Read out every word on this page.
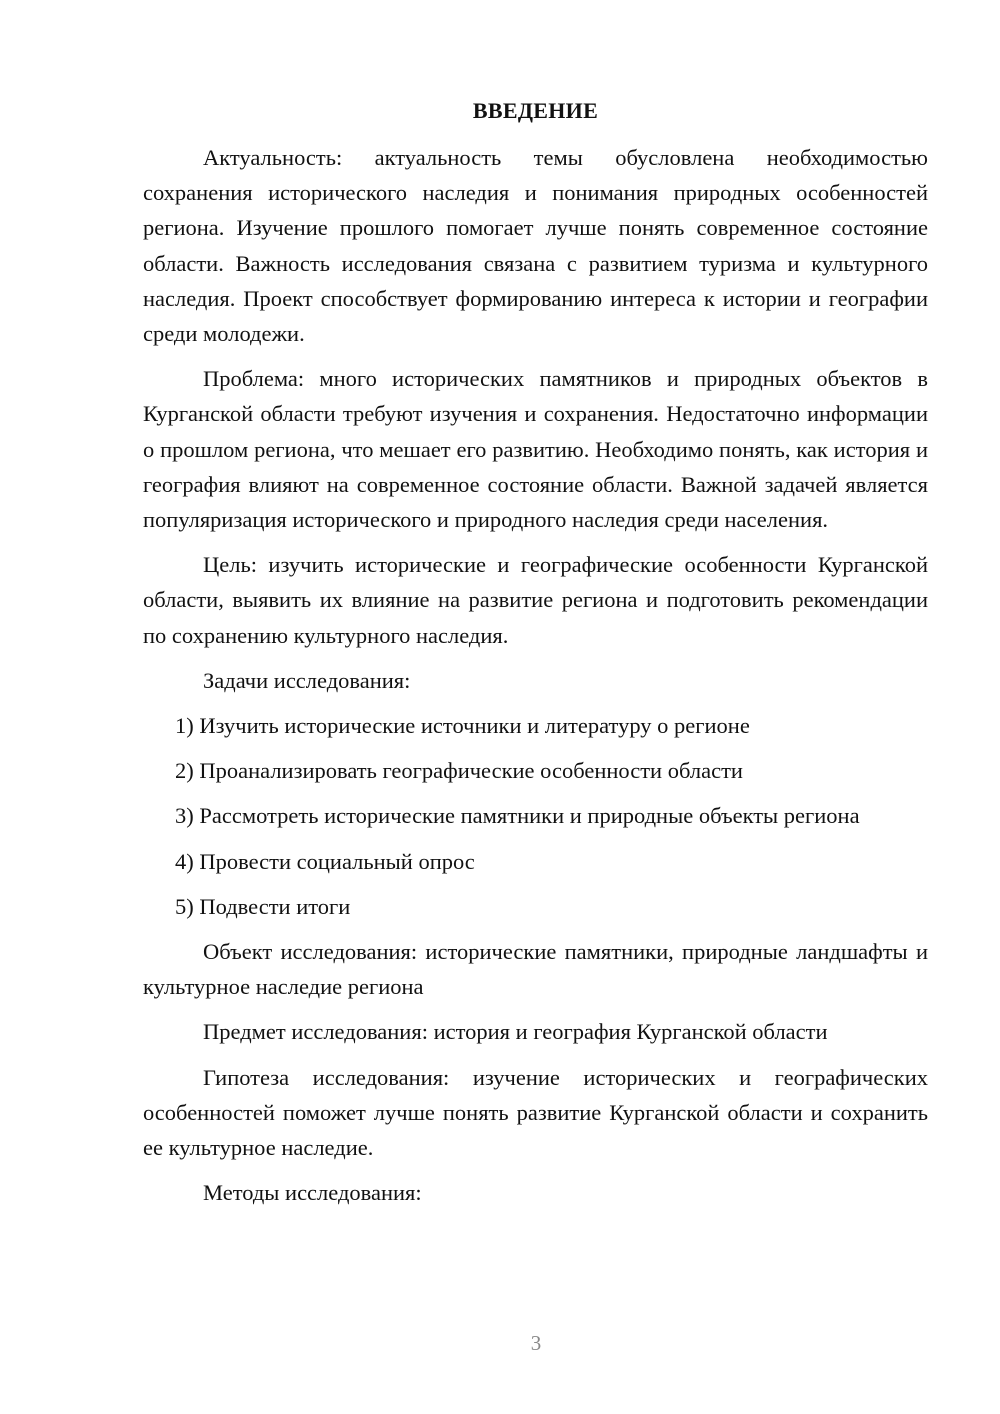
ВВЕДЕНИЕ

Актуальность: актуальность темы обусловлена необходимостью сохранения исторического наследия и понимания природных особенностей региона. Изучение прошлого помогает лучше понять современное состояние области. Важность исследования связана с развитием туризма и культурного наследия. Проект способствует формированию интереса к истории и географии среди молодежи.

Проблема: много исторических памятников и природных объектов в Курганской области требуют изучения и сохранения. Недостаточно информации о прошлом региона, что мешает его развитию. Необходимо понять, как история и география влияют на современное состояние области. Важной задачей является популяризация исторического и природного наследия среди населения.

Цель: изучить исторические и географические особенности Курганской области, выявить их влияние на развитие региона и подготовить рекомендации по сохранению культурного наследия.

Задачи исследования:

1) Изучить исторические источники и литературу о регионе

2) Проанализировать географические особенности области

3) Рассмотреть исторические памятники и природные объекты региона

4) Провести социальный опрос

5) Подвести итоги

Объект исследования: исторические памятники, природные ландшафты и культурное наследие региона

Предмет исследования: история и география Курганской области

Гипотеза исследования: изучение исторических и географических особенностей поможет лучше понять развитие Курганской области и сохранить ее культурное наследие.

Методы исследования:

3
